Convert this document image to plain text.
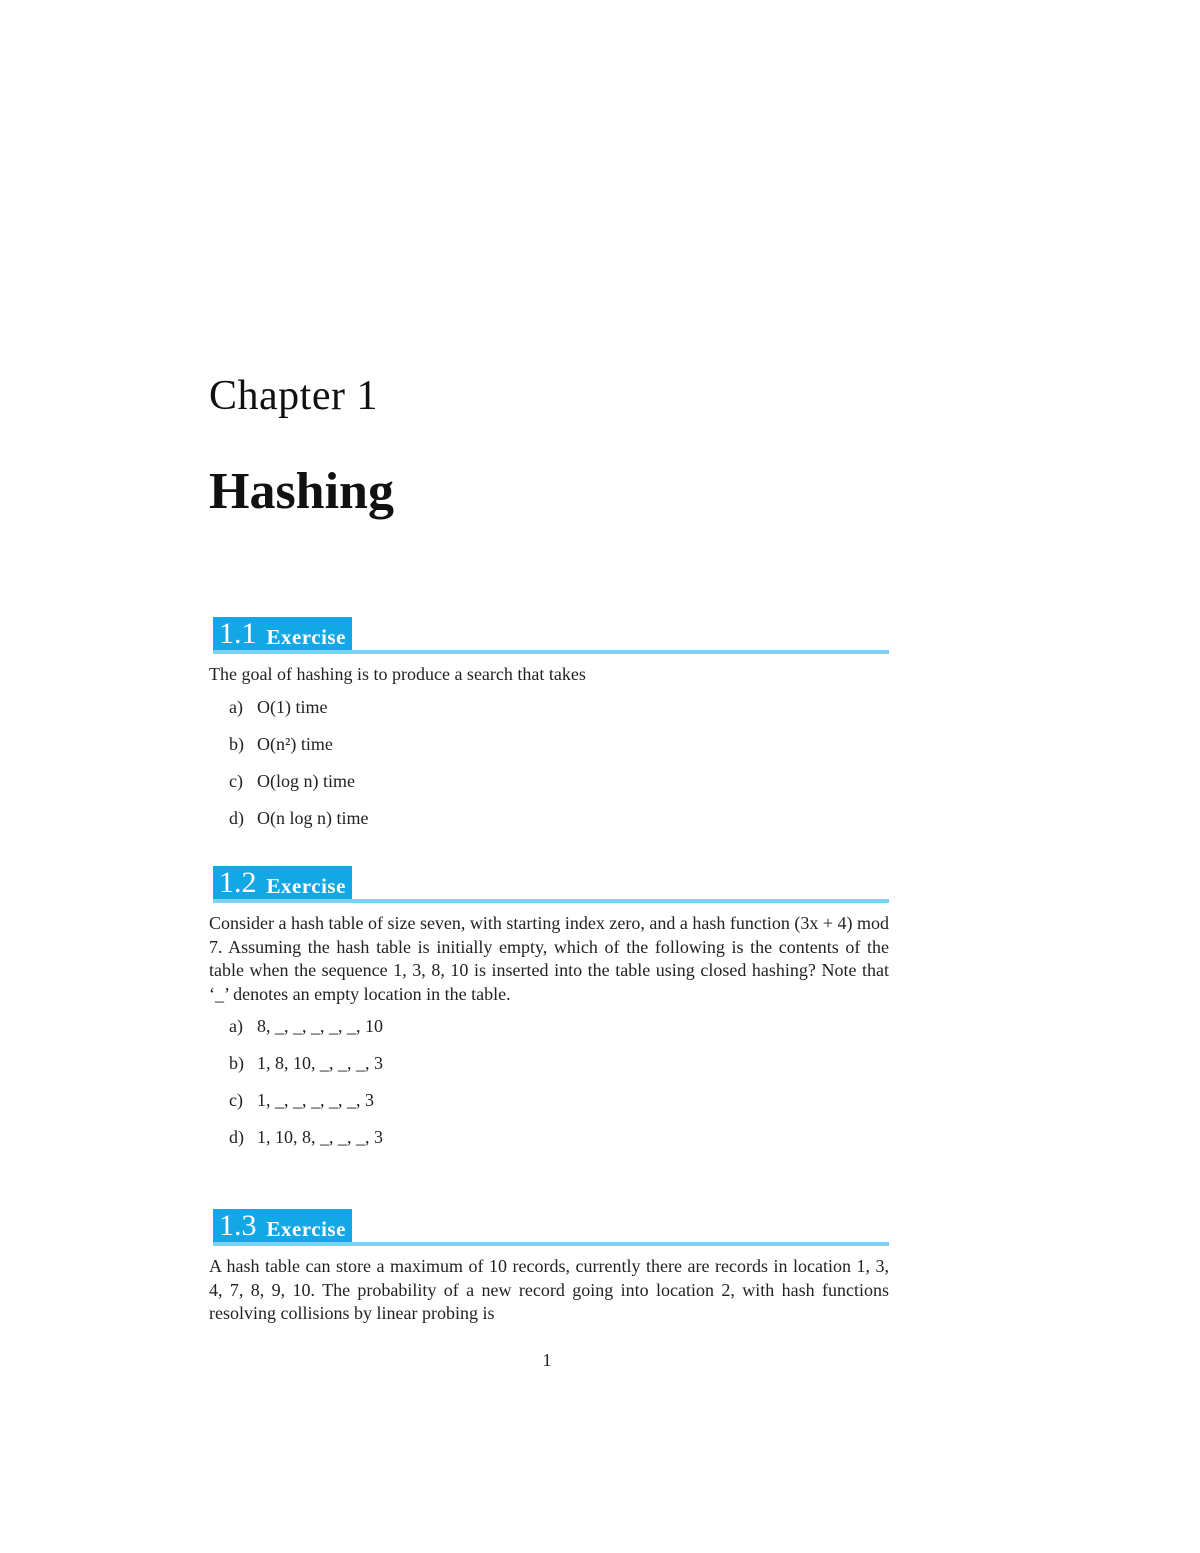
Chapter 1
Hashing
1.1 Exercise
The goal of hashing is to produce a search that takes
a) O(1) time
b) O(n²) time
c) O(log n) time
d) O(n log n) time
1.2 Exercise
Consider a hash table of size seven, with starting index zero, and a hash function (3x + 4) mod 7. Assuming the hash table is initially empty, which of the following is the contents of the table when the sequence 1, 3, 8, 10 is inserted into the table using closed hashing? Note that ‘_’ denotes an empty location in the table.
a) 8, _, _, _, _, _, 10
b) 1, 8, 10, _, _, _, 3
c) 1, _, _, _, _, _, 3
d) 1, 10, 8, _, _, _, 3
1.3 Exercise
A hash table can store a maximum of 10 records, currently there are records in location 1, 3, 4, 7, 8, 9, 10. The probability of a new record going into location 2, with hash functions resolving collisions by linear probing is
1
